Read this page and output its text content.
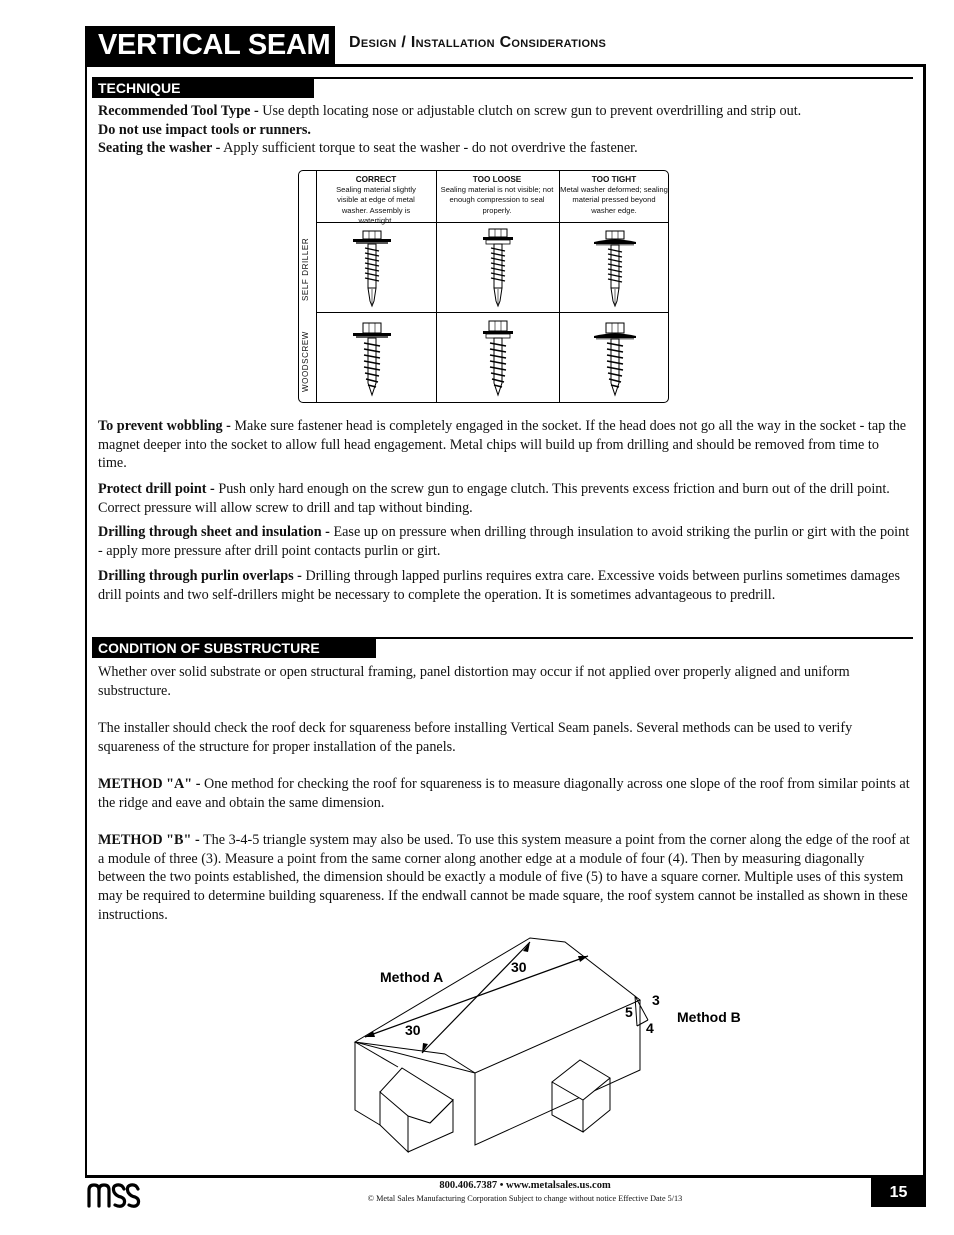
VERTICAL SEAM Design / Installation Considerations
TECHNIQUE
Recommended Tool Type - Use depth locating nose or adjustable clutch on screw gun to prevent overdrilling and strip out.
Do not use impact tools or runners.
Seating the washer - Apply sufficient torque to seat the washer - do not overdrive the fastener.
CORRECT
Sealing material slightly visible at edge of metal washer. Assembly is watertight.
TOO LOOSE
Sealing material is not visible; not enough compression to seal properly.
TOO TIGHT
Metal washer deformed; sealing material pressed beyond washer edge.
SELF DRILLER
WOODSCREW
To prevent wobbling - Make sure fastener head is completely engaged in the socket. If the head does not go all the way in the socket - tap the magnet deeper into the socket to allow full head engagement. Metal chips will build up from drilling and should be removed from time to time.
Protect drill point - Push only hard enough on the screw gun to engage clutch. This prevents excess friction and burn out of the drill point. Correct pressure will allow screw to drill and tap without binding.
Drilling through sheet and insulation - Ease up on pressure when drilling through insulation to avoid striking the purlin or girt with the point - apply more pressure after drill point contacts purlin or girt.
Drilling through purlin overlaps - Drilling through lapped purlins requires extra care. Excessive voids between purlins sometimes damages drill points and two self-drillers might be necessary to complete the operation. It is sometimes advantageous to predrill.
CONDITION OF SUBSTRUCTURE
Whether over solid substrate or open structural framing, panel distortion may occur if not applied over properly aligned and uniform substructure.
The installer should check the roof deck for squareness before installing Vertical Seam panels. Several methods can be used to verify squareness of the structure for proper installation of the panels.
METHOD "A" - One method for checking the roof for squareness is to measure diagonally across one slope of the roof from similar points at the ridge and eave and obtain the same dimension.
METHOD "B" - The 3-4-5 triangle system may also be used. To use this system measure a point from the corner along the edge of the roof at a module of three (3). Measure a point from the same corner along another edge at a module of four (4). Then by measuring diagonally between the two points established, the dimension should be exactly a module of five (5) to have a square corner. Multiple uses of this system may be required to determine building squareness. If the endwall cannot be made square, the roof system cannot be installed as shown in these instructions.
Method A
30
30
3
5
4
Method B
800.406.7387 • www.metalsales.us.com
© Metal Sales Manufacturing Corporation Subject to change without notice Effective Date 5/13	15
